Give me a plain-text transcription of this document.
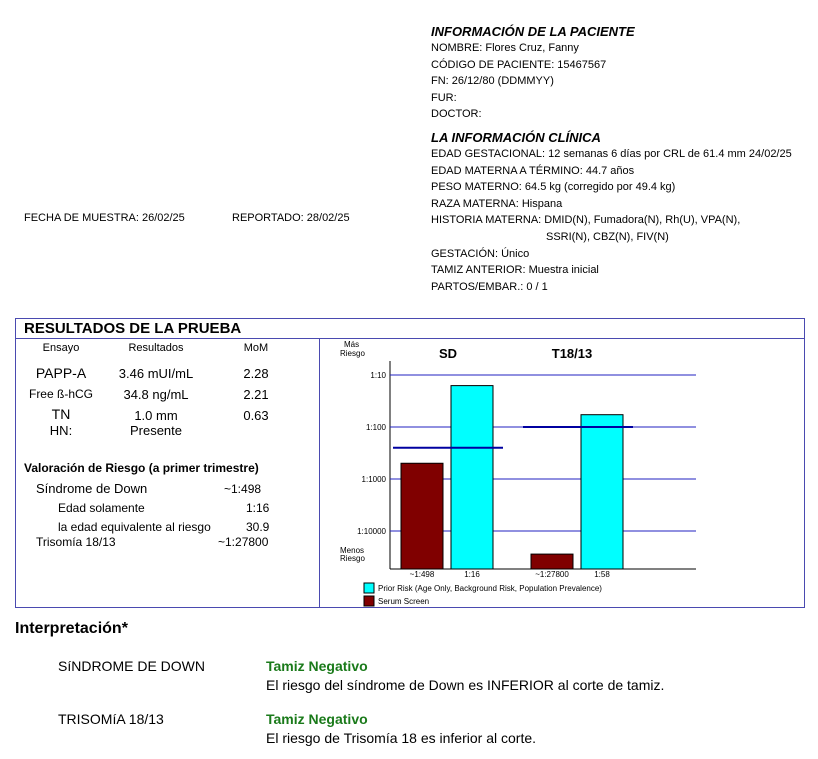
INFORMACIÓN DE LA PACIENTE
NOMBRE: Flores Cruz, Fanny
CÓDIGO DE PACIENTE: 15467567
FN: 26/12/80 (DDMMYY)
FUR:
DOCTOR:
LA INFORMACIÓN CLÍNICA
EDAD GESTACIONAL: 12 semanas 6 días por CRL de 61.4 mm 24/02/25
EDAD MATERNA A TÉRMINO: 44.7 años
PESO MATERNO: 64.5 kg (corregido por 49.4 kg)
RAZA MATERNA: Hispana
HISTORIA MATERNA: DMID(N), Fumadora(N), Rh(U), VPA(N),
SSRI(N), CBZ(N), FIV(N)
GESTACIÓN: Único
TAMIZ ANTERIOR: Muestra inicial
PARTOS/EMBAR.: 0 / 1
FECHA DE MUESTRA: 26/02/25	REPORTADO: 28/02/25
RESULTADOS DE LA PRUEBA
Ensayo	Resultados	MoM
PAPP-A	3.46 mUI/mL	2.28
Free ß-hCG	34.8 ng/mL	2.21
TN	1.0 mm	0.63
HN:	Presente
Valoración de Riesgo (a primer trimestre)
Síndrome de Down	~1:498
Edad solamente	1:16
la edad equivalente al riesgo	30.9
Trisomía 18/13	~1:27800
Más
Riesgo
Menos
Riesgo
1:10
1:100
1:1000
1:10000
SD
~1:498	1:16
T18/13
~1:27800	1:58
Prior Risk (Age Only, Background Risk, Population Prevalence)
Serum Screen
Interpretación*
SíNDROME DE DOWN	Tamiz Negativo
El riesgo del síndrome de Down es INFERIOR al corte de tamiz.
TRISOMíA 18/13	Tamiz Negativo
El riesgo de Trisomía 18 es inferior al corte.
